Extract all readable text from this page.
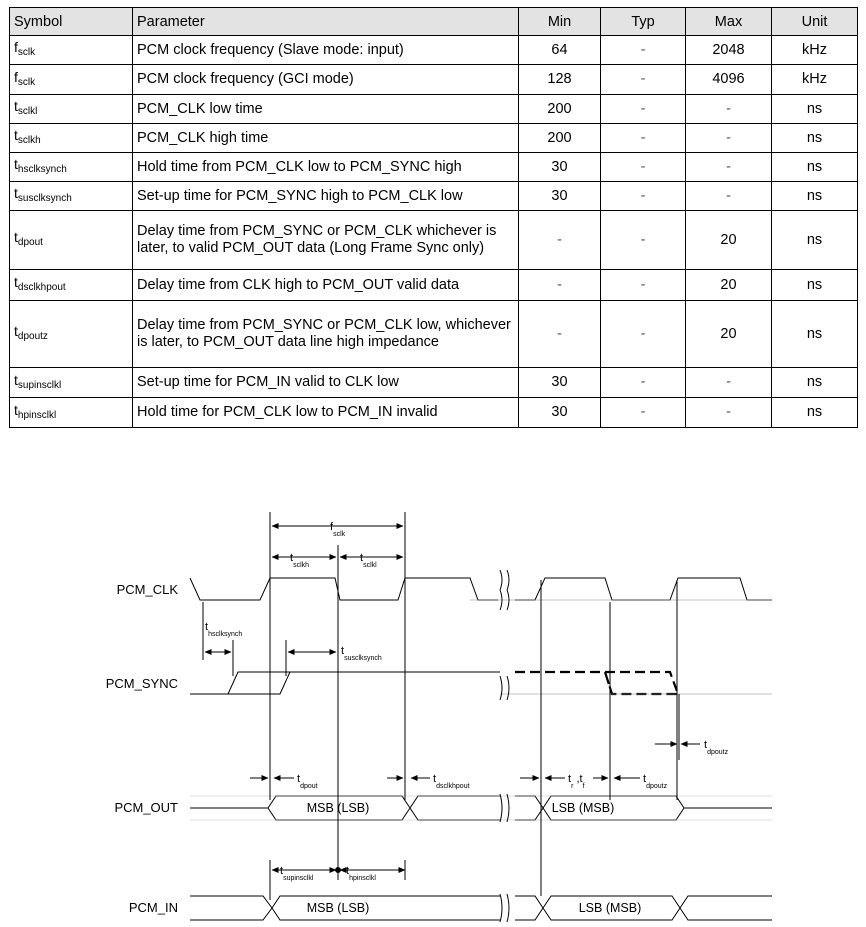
Symbol	Parameter	Min	Typ	Max	Unit
$f_{sclk}$	PCM clock frequency (Slave mode: input)	64	-	2048	kHz
$f_{sclk}$	PCM clock frequency (GCI mode)	128	-	4096	kHz
$t_{sclkl}$	PCM_CLK low time	200	-	-	ns
$t_{sclkh}$	PCM_CLK high time	200	-	-	ns
$t_{hsclksynch}$	Hold time from PCM_CLK low to PCM_SYNC high	30	-	-	ns
$t_{susclksynch}$	Set-up time for PCM_SYNC high to PCM_CLK low	30	-	-	ns
$t_{dpout}$	Delay time from PCM_SYNC or PCM_CLK whichever is later, to valid PCM_OUT data (Long Frame Sync only)	-	-	20	ns
$t_{dsclkhpout}$	Delay time from CLK high to PCM_OUT valid data	-	-	20	ns
$t_{dpoutz}$	Delay time from PCM_SYNC or PCM_CLK low, whichever is later, to PCM_OUT data line high impedance	-	-	20	ns
$t_{supinsclkl}$	Set-up time for PCM_IN valid to CLK low	30	-	-	ns
$t_{hpinsclkl}$	Hold time for PCM_CLK low to PCM_IN invalid	30	-	-	ns
PCM_CLK
PCM_SYNC
PCM_OUT
PCM_IN
MSB (LSB)	LSB (MSB)
MSB (LSB)	LSB (MSB)
$f_{sclk}$
$t_{sclkh}$
$t_{sclkl}$
$t_{hsclksynch}$
$t_{susclksynch}$
$t_{dpoutz}$
$t_{dpout}$
$t_{dsclkhpout}$
$t_r$ $,t_f$
$t_{dpoutz}$
$t_{supinsclkl}$
$t_{hpinsclkl}$
